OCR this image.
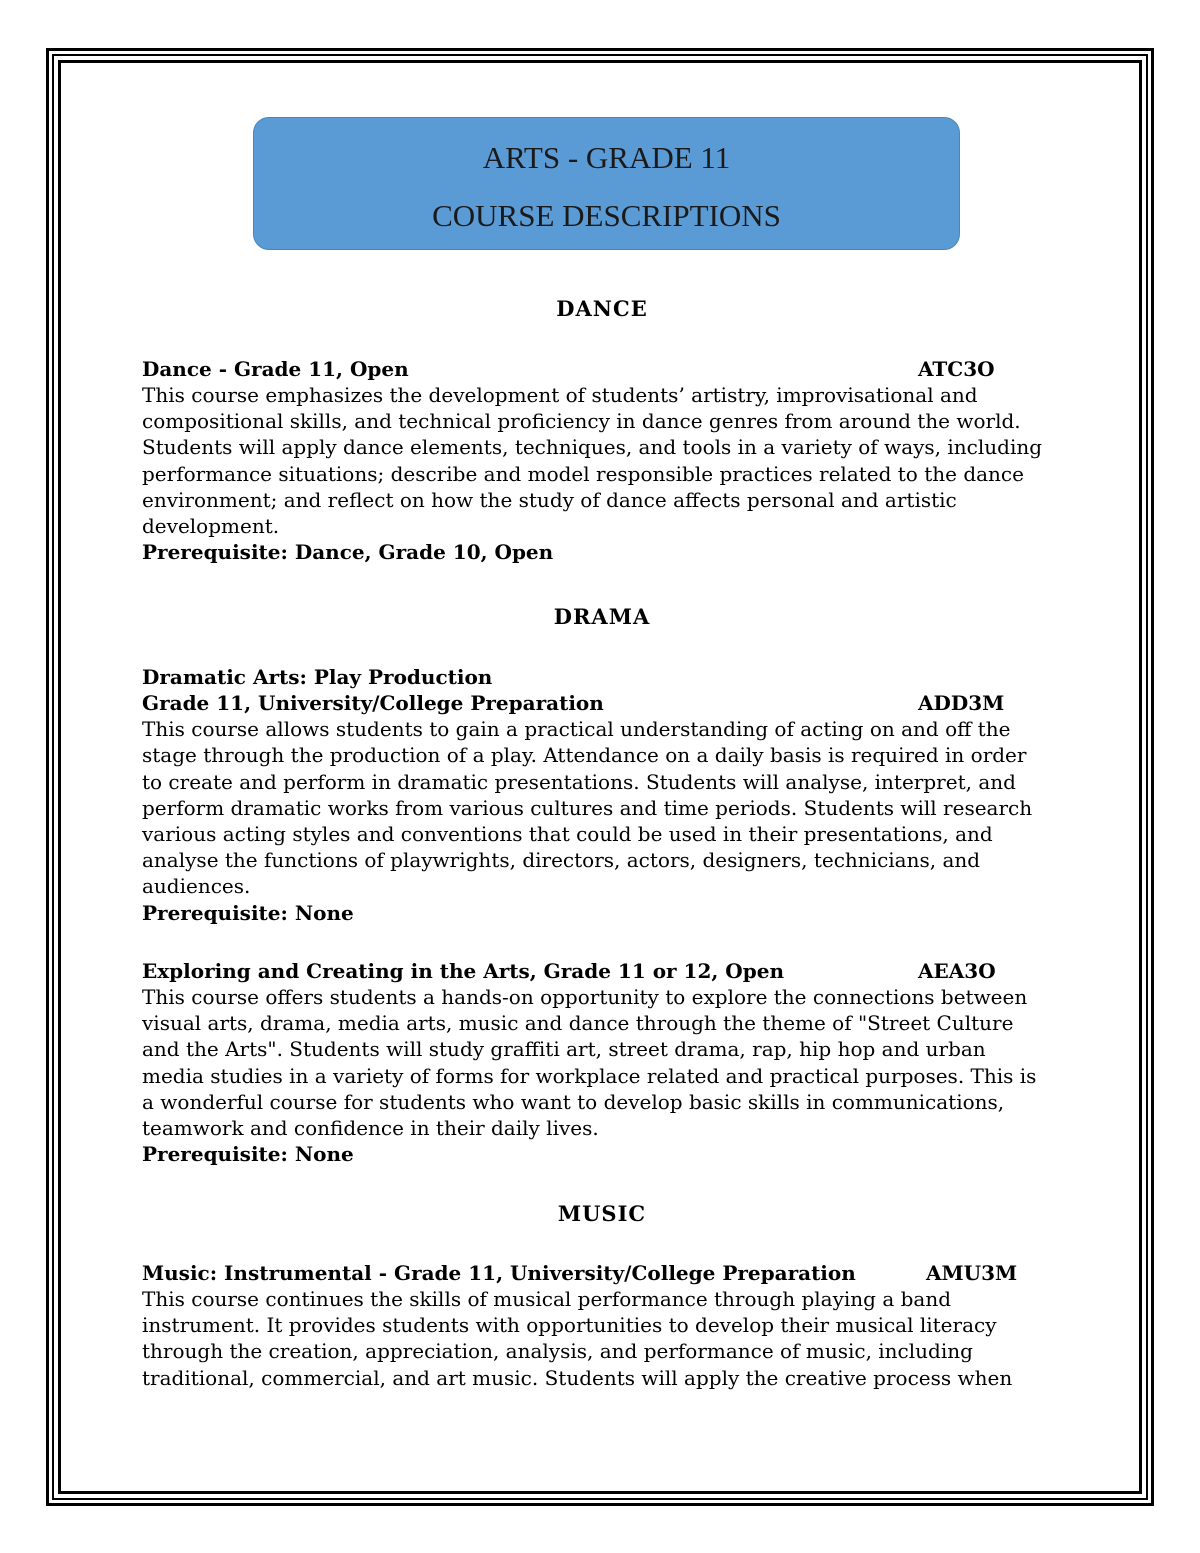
ARTS - GRADE 11
COURSE DESCRIPTIONS
DANCE
Dance - Grade 11, Open	ATC3O
This course emphasizes the development of students’ artistry, improvisational and
compositional skills, and technical proficiency in dance genres from around the world.
Students will apply dance elements, techniques, and tools in a variety of ways, including
performance situations; describe and model responsible practices related to the dance
environment; and reflect on how the study of dance affects personal and artistic
development.
Prerequisite: Dance, Grade 10, Open
DRAMA
Dramatic Arts: Play Production
Grade 11, University/College Preparation	ADD3M
This course allows students to gain a practical understanding of acting on and off the
stage through the production of a play. Attendance on a daily basis is required in order
to create and perform in dramatic presentations. Students will analyse, interpret, and
perform dramatic works from various cultures and time periods. Students will research
various acting styles and conventions that could be used in their presentations, and
analyse the functions of playwrights, directors, actors, designers, technicians, and
audiences.
Prerequisite: None
Exploring and Creating in the Arts, Grade 11 or 12, Open	AEA3O
This course offers students a hands-on opportunity to explore the connections between
visual arts, drama, media arts, music and dance through the theme of "Street Culture
and the Arts". Students will study graffiti art, street drama, rap, hip hop and urban
media studies in a variety of forms for workplace related and practical purposes. This is
a wonderful course for students who want to develop basic skills in communications,
teamwork and confidence in their daily lives.
Prerequisite: None
MUSIC
Music: Instrumental - Grade 11, University/College Preparation	AMU3M
This course continues the skills of musical performance through playing a band
instrument. It provides students with opportunities to develop their musical literacy
through the creation, appreciation, analysis, and performance of music, including
traditional, commercial, and art music. Students will apply the creative process when
